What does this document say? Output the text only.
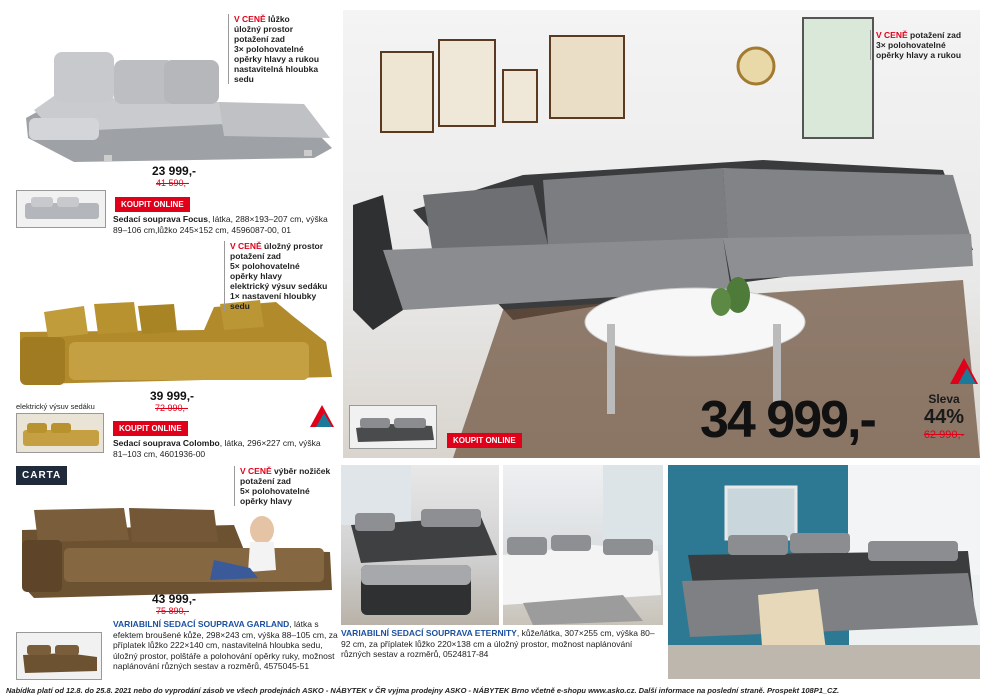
V CENĚ lůžko
úložný prostor
potažení zad
3× polohovatelné
opěrky hlavy a rukou
nastavitelná hloubka sedu
23 999,-
41 590,-
KOUPIT ONLINE
Sedací souprava Focus, látka, 288×193–207 cm, výška 89–106 cm,lůžko 245×152 cm, 4596087-00, 01
V CENĚ úložný prostor
potažení zad
5× polohovatelné
opěrky hlavy
elektrický výsuv sedáku
1× nastavení hloubky sedu
39 999,-
72 990,-
elektrický výsuv sedáku
KOUPIT ONLINE
Sedací souprava Colombo, látka, 296×227 cm, výška 81–103 cm, 4601936-00
V CENĚ potažení zad
3× polohovatelné
opěrky hlavy a rukou
KOUPIT ONLINE	34 999,-	Sleva
44%
62 990,-
CARTA	V CENĚ výběr nožiček
potažení zad
5× polohovatelné
opěrky hlavy
43 999,-
75 890,-
VARIABILNÍ SEDACÍ SOUPRAVA GARLAND, látka s efektem broušené kůže, 298×243 cm, výška 88–105 cm, za příplatek lůžko 222×140 cm, nastavitelná hloubka sedu, úložný prostor, polštáře a polohování opěrky ruky, možnost naplánování různých sestav a rozměrů, 4575045-51
VARIABILNÍ SEDACÍ SOUPRAVA ETERNITY, kůže/látka, 307×255 cm, výška 80–92 cm, za příplatek lůžko 220×138 cm a úložný prostor, možnost naplánování různých sestav a rozměrů, 0524817-84
Nabídka platí od 12.8. do 25.8. 2021 nebo do vyprodání zásob ve všech prodejnách ASKO - NÁBYTEK v ČR vyjma prodejny ASKO - NÁBYTEK Brno včetně e-shopu www.asko.cz. Další informace na poslední straně. Prospekt 108P1_CZ.
